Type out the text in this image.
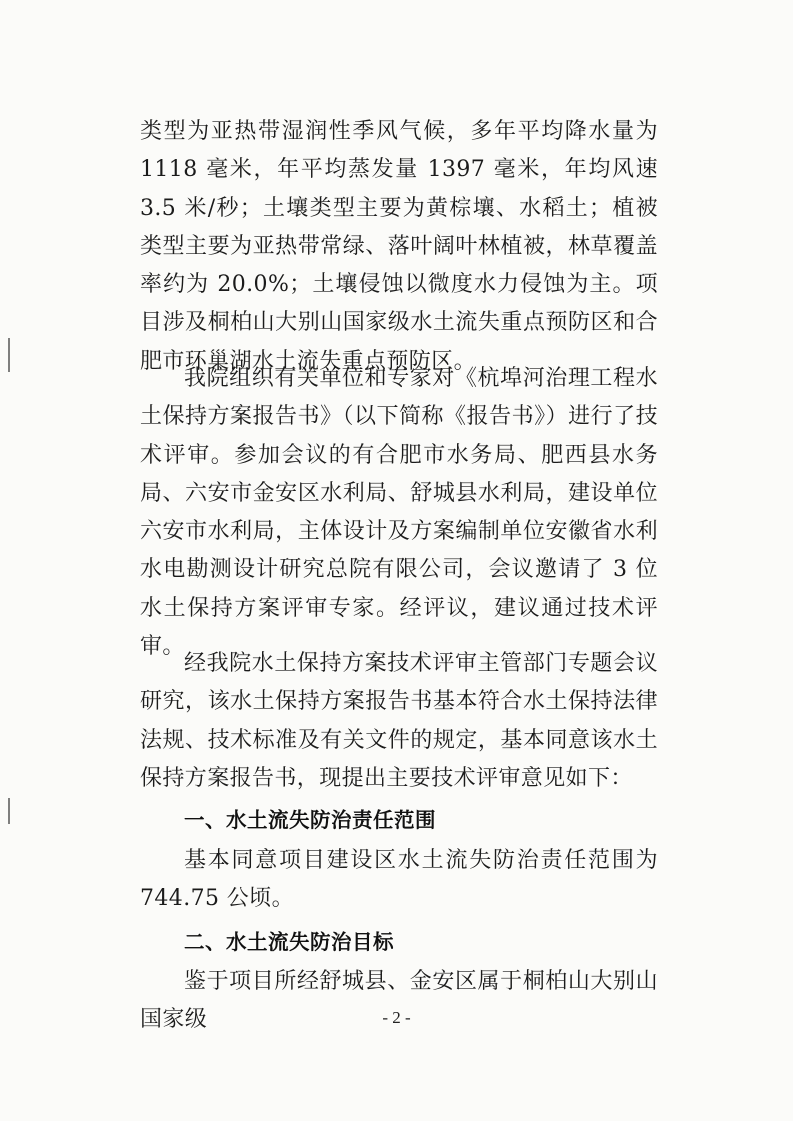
类型为亚热带湿润性季风气候，多年平均降水量为 1118 毫米，年平均蒸发量 1397 毫米，年均风速 3.5 米/秒；土壤类型主要为黄棕壤、水稻土；植被类型主要为亚热带常绿、落叶阔叶林植被，林草覆盖率约为 20.0%；土壤侵蚀以微度水力侵蚀为主。项目涉及桐柏山大别山国家级水土流失重点预防区和合肥市环巢湖水土流失重点预防区。

我院组织有关单位和专家对《杭埠河治理工程水土保持方案报告书》（以下简称《报告书》）进行了技术评审。参加会议的有合肥市水务局、肥西县水务局、六安市金安区水利局、舒城县水利局，建设单位六安市水利局，主体设计及方案编制单位安徽省水利水电勘测设计研究总院有限公司，会议邀请了 3 位水土保持方案评审专家。经评议，建议通过技术评审。

经我院水土保持方案技术评审主管部门专题会议研究，该水土保持方案报告书基本符合水土保持法律法规、技术标准及有关文件的规定，基本同意该水土保持方案报告书，现提出主要技术评审意见如下：

一、水土流失防治责任范围

基本同意项目建设区水土流失防治责任范围为 744.75 公顷。

二、水土流失防治目标

鉴于项目所经舒城县、金安区属于桐柏山大别山国家级	- 2 -
